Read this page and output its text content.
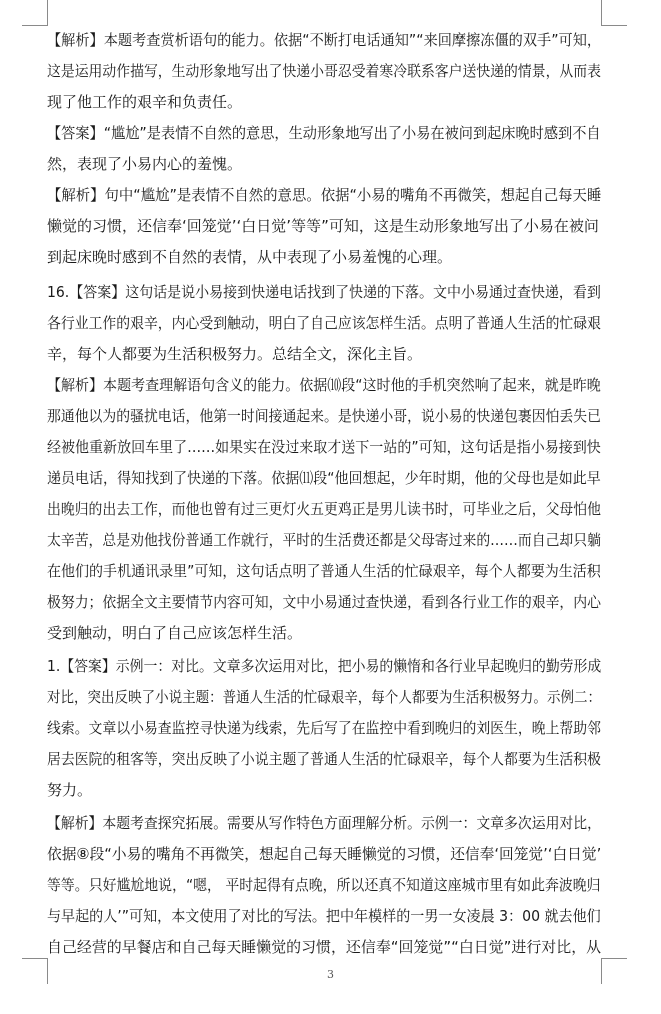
【解析】本题考查赏析语句的能力。依据“不断打电话通知”“来回摩擦冻僵的双手”可知，
这是运用动作描写，生动形象地写出了快递小哥忍受着寒冷联系客户送快递的情景，从而表
现了他工作的艰辛和负责任。
【答案】“尴尬”是表情不自然的意思，生动形象地写出了小易在被问到起床晚时感到不自
然，表现了小易内心的羞愧。
【解析】句中“尴尬”是表情不自然的意思。依据“小易的嘴角不再微笑，想起自己每天睡
懒觉的习惯，还信奉‘回笼觉’‘白日觉’等等”可知，这是生动形象地写出了小易在被问
到起床晚时感到不自然的表情，从中表现了小易羞愧的心理。
16.【答案】这句话是说小易接到快递电话找到了快递的下落。文中小易通过查快递，看到
各行业工作的艰辛，内心受到触动，明白了自己应该怎样生活。点明了普通人生活的忙碌艰
辛，每个人都要为生活积极努力。总结全文，深化主旨。
【解析】本题考查理解语句含义的能力。依据⑽段“这时他的手机突然响了起来，就是昨晚
那通他以为的骚扰电话，他第一时间接通起来。是快递小哥，说小易的快递包裹因怕丢失已
经被他重新放回车里了……如果实在没过来取才送下一站的”可知，这句话是指小易接到快
递员电话，得知找到了快递的下落。依据⑾段“他回想起，少年时期，他的父母也是如此早
出晚归的出去工作，而他也曾有过三更灯火五更鸡正是男儿读书时，可毕业之后，父母怕他
太辛苦，总是劝他找份普通工作就行，平时的生活费还都是父母寄过来的……而自己却只躺
在他们的手机通讯录里”可知，这句话点明了普通人生活的忙碌艰辛，每个人都要为生活积
极努力；依据全文主要情节内容可知，文中小易通过查快递，看到各行业工作的艰辛，内心
受到触动，明白了自己应该怎样生活。
1.【答案】示例一：对比。文章多次运用对比，把小易的懒惰和各行业早起晚归的勤劳形成
对比，突出反映了小说主题：普通人生活的忙碌艰辛，每个人都要为生活积极努力。示例二：
线索。文章以小易查监控寻快递为线索，先后写了在监控中看到晚归的刘医生，晚上帮助邻
居去医院的租客等，突出反映了小说主题了普通人生活的忙碌艰辛，每个人都要为生活积极
努力。
【解析】本题考查探究拓展。需要从写作特色方面理解分析。示例一：文章多次运用对比，
依据⑧段“小易的嘴角不再微笑，想起自己每天睡懒觉的习惯，还信奉‘回笼觉’‘白日觉’
等等。只好尴尬地说，“嗯， 平时起得有点晚，所以还真不知道这座城市里有如此奔波晚归
与早起的人’”可知，本文使用了对比的写法。把中年模样的一男一女凌晨 3：00 就去他们
自己经营的早餐店和自己每天睡懒觉的习惯，还信奉“回笼觉”“白日觉”进行对比，从
3
